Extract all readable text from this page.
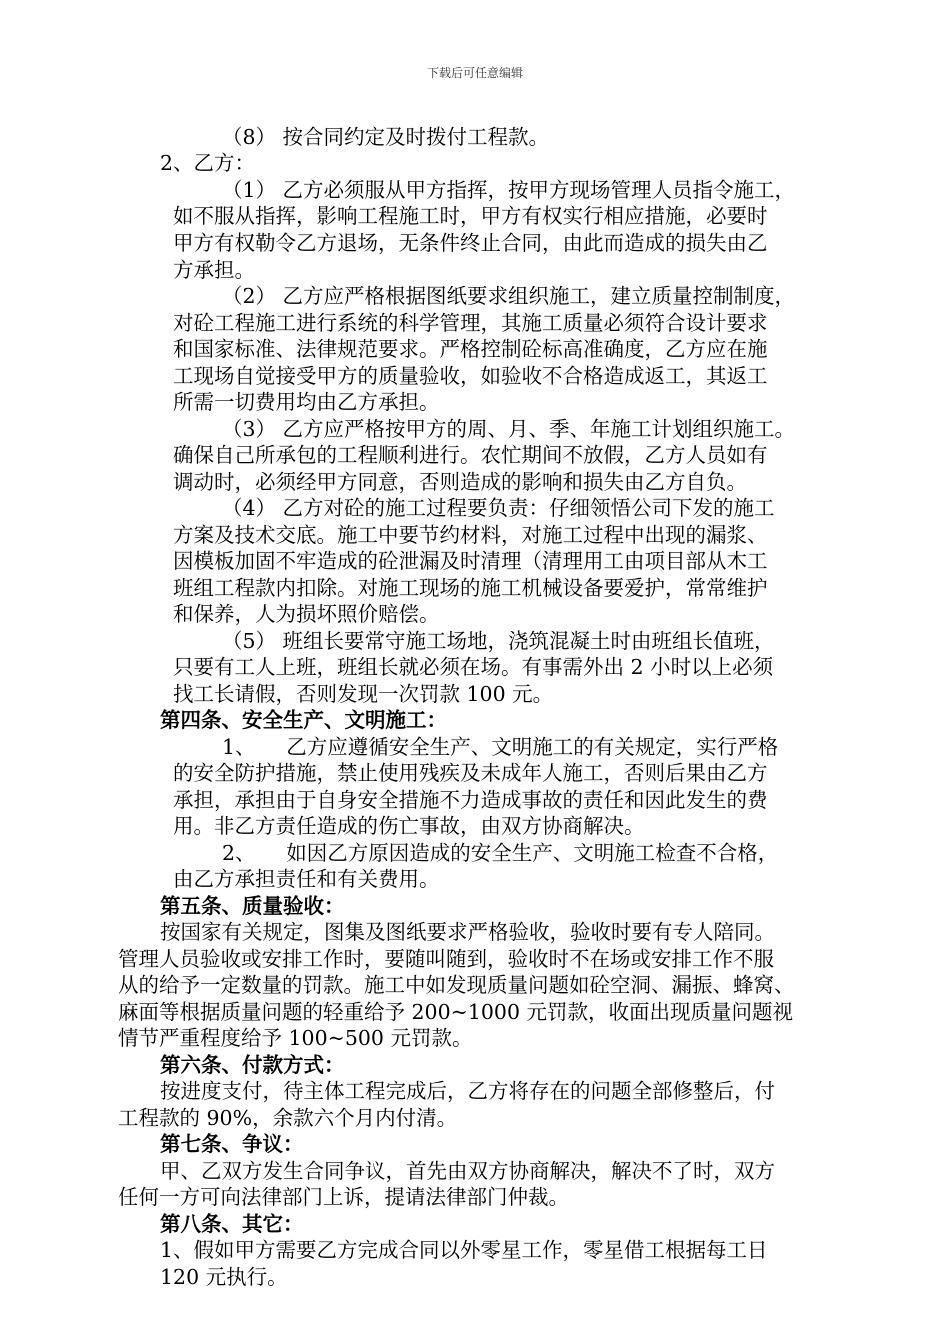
下载后可任意编辑
（8） 按合同约定及时拨付工程款。
2、乙方：
（1） 乙方必须服从甲方指挥，按甲方现场管理人员指令施工，
如不服从指挥，影响工程施工时，甲方有权实行相应措施，必要时
甲方有权勒令乙方退场，无条件终止合同，由此而造成的损失由乙
方承担。
（2） 乙方应严格根据图纸要求组织施工，建立质量控制制度，
对砼工程施工进行系统的科学管理，其施工质量必须符合设计要求
和国家标准、法律规范要求。严格控制砼标高准确度，乙方应在施
工现场自觉接受甲方的质量验收，如验收不合格造成返工，其返工
所需一切费用均由乙方承担。
（3） 乙方应严格按甲方的周、月、季、年施工计划组织施工。
确保自己所承包的工程顺利进行。农忙期间不放假，乙方人员如有
调动时，必须经甲方同意，否则造成的影响和损失由乙方自负。
（4） 乙方对砼的施工过程要负责：仔细领悟公司下发的施工
方案及技术交底。施工中要节约材料，对施工过程中出现的漏浆、
因模板加固不牢造成的砼泄漏及时清理（清理用工由项目部从木工
班组工程款内扣除。对施工现场的施工机械设备要爱护，常常维护
和保养，人为损坏照价赔偿。
（5） 班组长要常守施工场地，浇筑混凝土时由班组长值班，
只要有工人上班，班组长就必须在场。有事需外出 2 小时以上必须
找工长请假，否则发现一次罚款 100 元。
第四条、安全生产、文明施工：
1、　　乙方应遵循安全生产、文明施工的有关规定，实行严格
的安全防护措施，禁止使用残疾及未成年人施工，否则后果由乙方
承担，承担由于自身安全措施不力造成事故的责任和因此发生的费
用。非乙方责任造成的伤亡事故，由双方协商解决。
2、　　如因乙方原因造成的安全生产、文明施工检查不合格，
由乙方承担责任和有关费用。
第五条、质量验收：
按国家有关规定，图集及图纸要求严格验收，验收时要有专人陪同。
管理人员验收或安排工作时，要随叫随到，验收时不在场或安排工作不服
从的给予一定数量的罚款。施工中如发现质量问题如砼空洞、漏振、蜂窝、
麻面等根据质量问题的轻重给予 200~1000 元罚款，收面出现质量问题视
情节严重程度给予 100~500 元罚款。
第六条、付款方式：
按进度支付，待主体工程完成后，乙方将存在的问题全部修整后，付
工程款的 90%，余款六个月内付清。
第七条、争议：
甲、乙双方发生合同争议，首先由双方协商解决，解决不了时，双方
任何一方可向法律部门上诉，提请法律部门仲裁。
第八条、其它：
1、假如甲方需要乙方完成合同以外零星工作，零星借工根据每工日
120 元执行。
